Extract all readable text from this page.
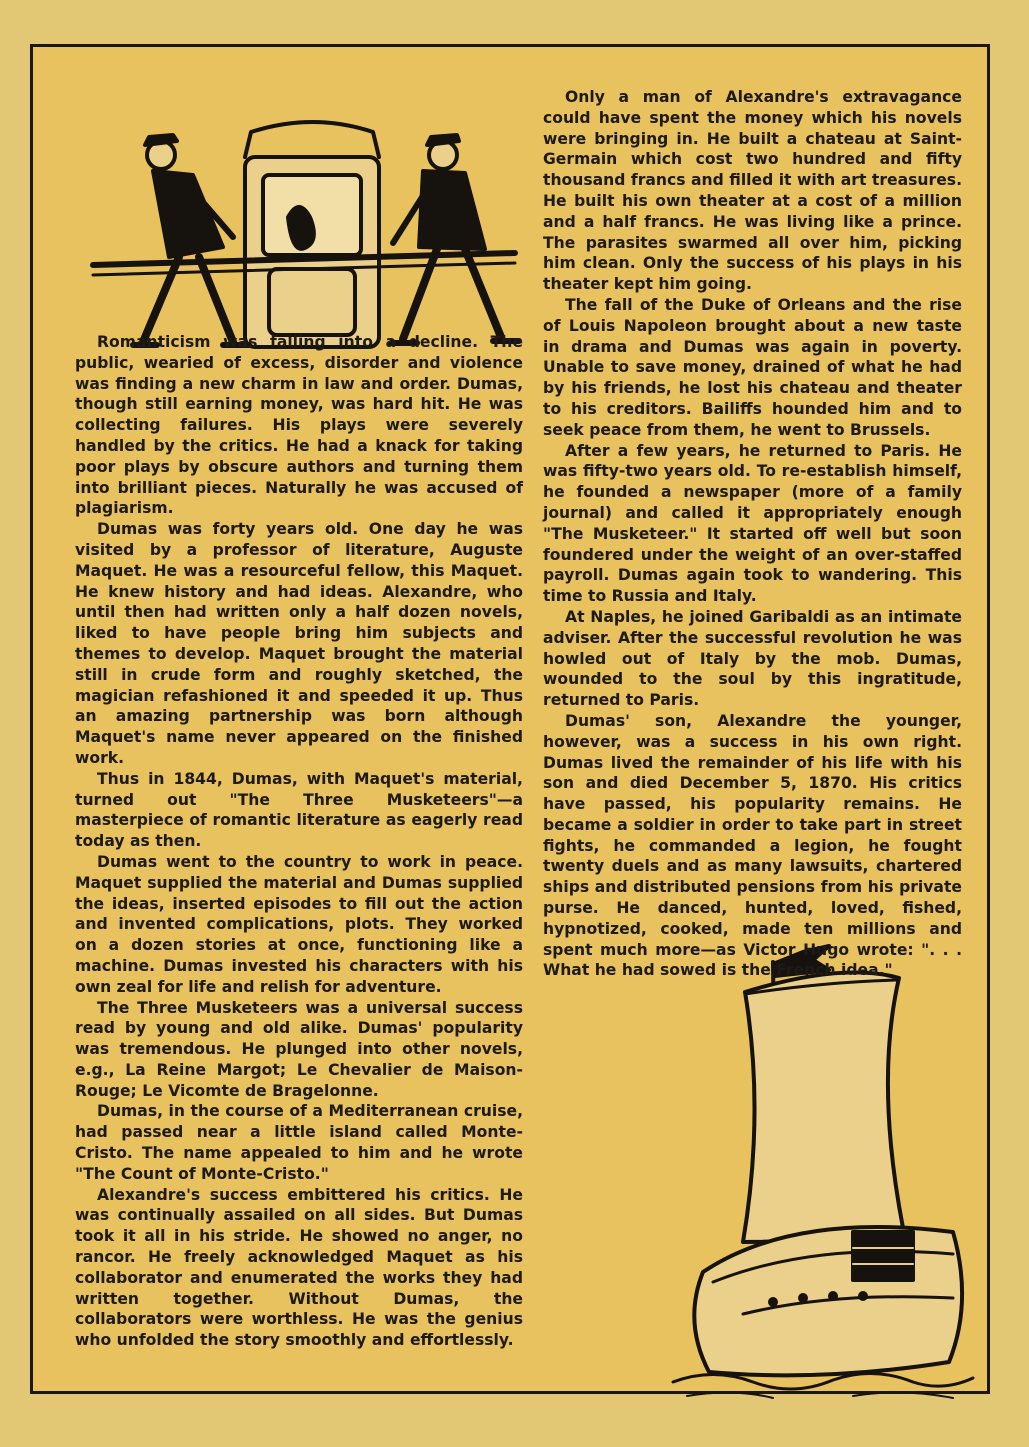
Romanticism was falling into a decline. The public, wearied of excess, disorder and violence was finding a new charm in law and order. Dumas, though still earning money, was hard hit. He was collecting failures. His plays were severely handled by the critics. He had a knack for taking poor plays by obscure authors and turning them into brilliant pieces. Naturally he was accused of plagiarism.

Dumas was forty years old. One day he was visited by a professor of literature, Auguste Maquet. He was a resourceful fellow, this Maquet. He knew history and had ideas. Alexandre, who until then had written only a half dozen novels, liked to have people bring him subjects and themes to develop. Maquet brought the material still in crude form and roughly sketched, the magician refashioned it and speeded it up. Thus an amazing partnership was born although Maquet's name never appeared on the finished work.

Thus in 1844, Dumas, with Maquet's material, turned out "The Three Musketeers"—a masterpiece of romantic literature as eagerly read today as then.

Dumas went to the country to work in peace. Maquet supplied the material and Dumas supplied the ideas, inserted episodes to fill out the action and invented complications, plots. They worked on a dozen stories at once, functioning like a machine. Dumas invested his characters with his own zeal for life and relish for adventure.

The Three Musketeers was a universal success read by young and old alike. Dumas' popularity was tremendous. He plunged into other novels, e.g., La Reine Margot; Le Chevalier de Maison-Rouge; Le Vicomte de Bragelonne.

Dumas, in the course of a Mediterranean cruise, had passed near a little island called Monte-Cristo. The name appealed to him and he wrote "The Count of Monte-Cristo."

Alexandre's success embittered his critics. He was continually assailed on all sides. But Dumas took it all in his stride. He showed no anger, no rancor. He freely acknowledged Maquet as his collaborator and enumerated the works they had written together. Without Dumas, the collaborators were worthless. He was the genius who unfolded the story smoothly and effortlessly.

Only a man of Alexandre's extravagance could have spent the money which his novels were bringing in. He built a chateau at Saint-Germain which cost two hundred and fifty thousand francs and filled it with art treasures. He built his own theater at a cost of a million and a half francs. He was living like a prince. The parasites swarmed all over him, picking him clean. Only the success of his plays in his theater kept him going.

The fall of the Duke of Orleans and the rise of Louis Napoleon brought about a new taste in drama and Dumas was again in poverty. Unable to save money, drained of what he had by his friends, he lost his chateau and theater to his creditors. Bailiffs hounded him and to seek peace from them, he went to Brussels.

After a few years, he returned to Paris. He was fifty-two years old. To re-establish himself, he founded a newspaper (more of a family journal) and called it appropriately enough "The Musketeer." It started off well but soon foundered under the weight of an over-staffed payroll. Dumas again took to wandering. This time to Russia and Italy.

At Naples, he joined Garibaldi as an intimate adviser. After the successful revolution he was howled out of Italy by the mob. Dumas, wounded to the soul by this ingratitude, returned to Paris.

Dumas' son, Alexandre the younger, however, was a success in his own right. Dumas lived the remainder of his life with his son and died December 5, 1870. His critics have passed, his popularity remains. He became a soldier in order to take part in street fights, he commanded a legion, he fought twenty duels and as many lawsuits, chartered ships and distributed pensions from his private purse. He danced, hunted, loved, fished, hypnotized, cooked, made ten millions and spent much more—as Victor Hugo wrote: ". . . What he had sowed is the French idea."
